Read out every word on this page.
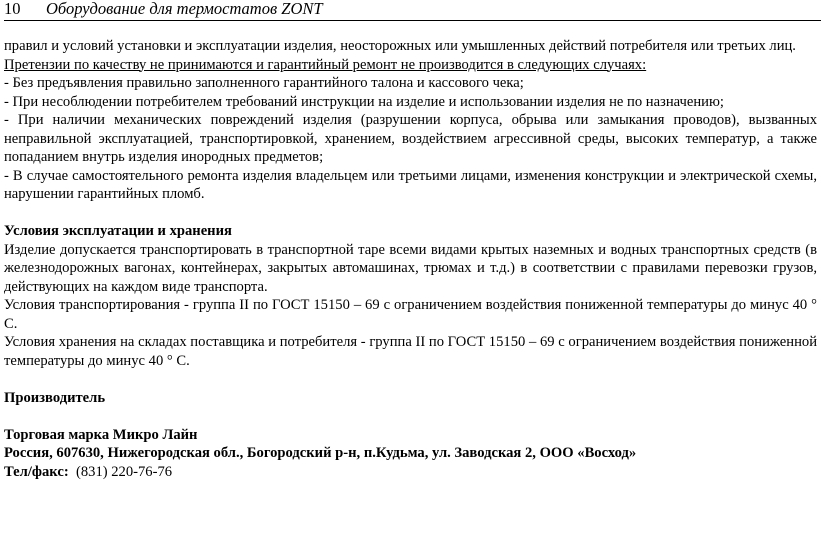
10 Оборудование для термостатов ZONT

правил и условий установки и эксплуатации изделия, неосторожных или умышленных действий потребителя или третьих лиц.

Претензии по качеству не принимаются и гарантийный ремонт не производится в следующих случаях:

- Без предъявления правильно заполненного гарантийного талона и кассового чека;

- При несоблюдении потребителем требований инструкции на изделие и использовании изделия не по назначению;

- При наличии механических повреждений изделия (разрушении корпуса, обрыва или замыкания проводов), вызванных неправильной эксплуатацией, транспортировкой, хранением, воздействием агрессивной среды, высоких температур, а также попаданием внутрь изделия инородных предметов;

- В случае самостоятельного ремонта изделия владельцем или третьими лицами, изменения конструкции и электрической схемы, нарушении гарантийных пломб.

Условия эксплуатации и хранения

Изделие допускается транспортировать в транспортной таре всеми видами крытых наземных и водных транспортных средств (в железнодорожных вагонах, контейнерах, закрытых автомашинах, трюмах и т.д.) в соответствии с правилами перевозки грузов, действующих на каждом виде транспорта.

Условия транспортирования - группа II по ГОСТ 15150 – 69 с ограничением воздействия пониженной температуры до минус 40 ° С.

Условия хранения на складах поставщика и потребителя - группа II по ГОСТ 15150 – 69 с ограничением воздействия пониженной температуры до минус 40 ° С.

Производитель

Торговая марка Микро Лайн

Россия, 607630, Нижегородская обл., Богородский р-н, п.Кудьма, ул. Заводская 2, ООО «Восход»

Тел/факс: (831) 220-76-76
